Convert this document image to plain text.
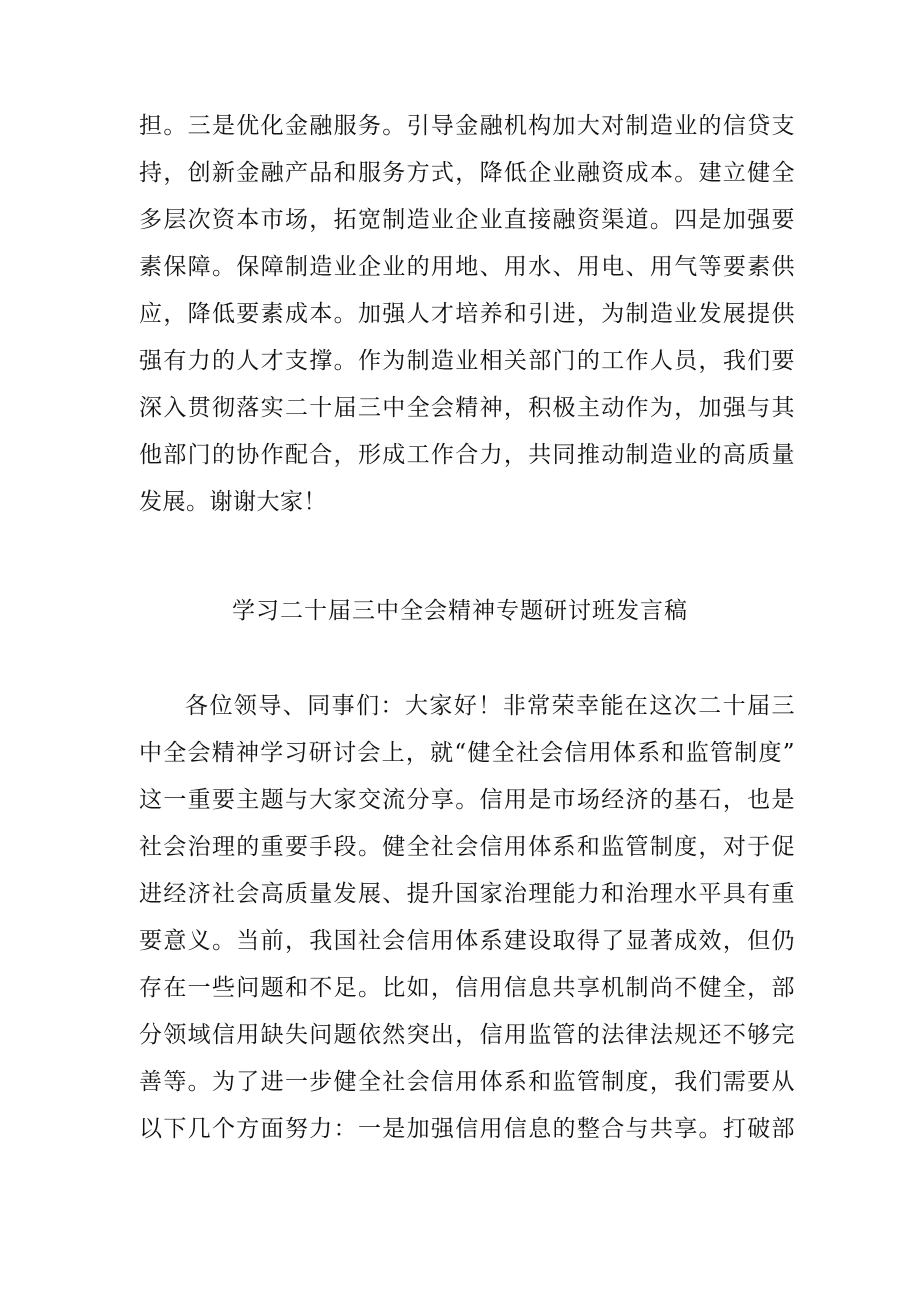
担。三是优化金融服务。引导金融机构加大对制造业的信贷支
持，创新金融产品和服务方式，降低企业融资成本。建立健全
多层次资本市场，拓宽制造业企业直接融资渠道。四是加强要
素保障。保障制造业企业的用地、用水、用电、用气等要素供
应，降低要素成本。加强人才培养和引进，为制造业发展提供
强有力的人才支撑。作为制造业相关部门的工作人员，我们要
深入贯彻落实二十届三中全会精神，积极主动作为，加强与其
他部门的协作配合，形成工作合力，共同推动制造业的高质量
发展。谢谢大家！
学习二十届三中全会精神专题研讨班发言稿
各位领导、同事们：大家好！非常荣幸能在这次二十届三
中全会精神学习研讨会上，就“健全社会信用体系和监管制度”
这一重要主题与大家交流分享。信用是市场经济的基石，也是
社会治理的重要手段。健全社会信用体系和监管制度，对于促
进经济社会高质量发展、提升国家治理能力和治理水平具有重
要意义。当前，我国社会信用体系建设取得了显著成效，但仍
存在一些问题和不足。比如，信用信息共享机制尚不健全，部
分领域信用缺失问题依然突出，信用监管的法律法规还不够完
善等。为了进一步健全社会信用体系和监管制度，我们需要从
以下几个方面努力：一是加强信用信息的整合与共享。打破部
